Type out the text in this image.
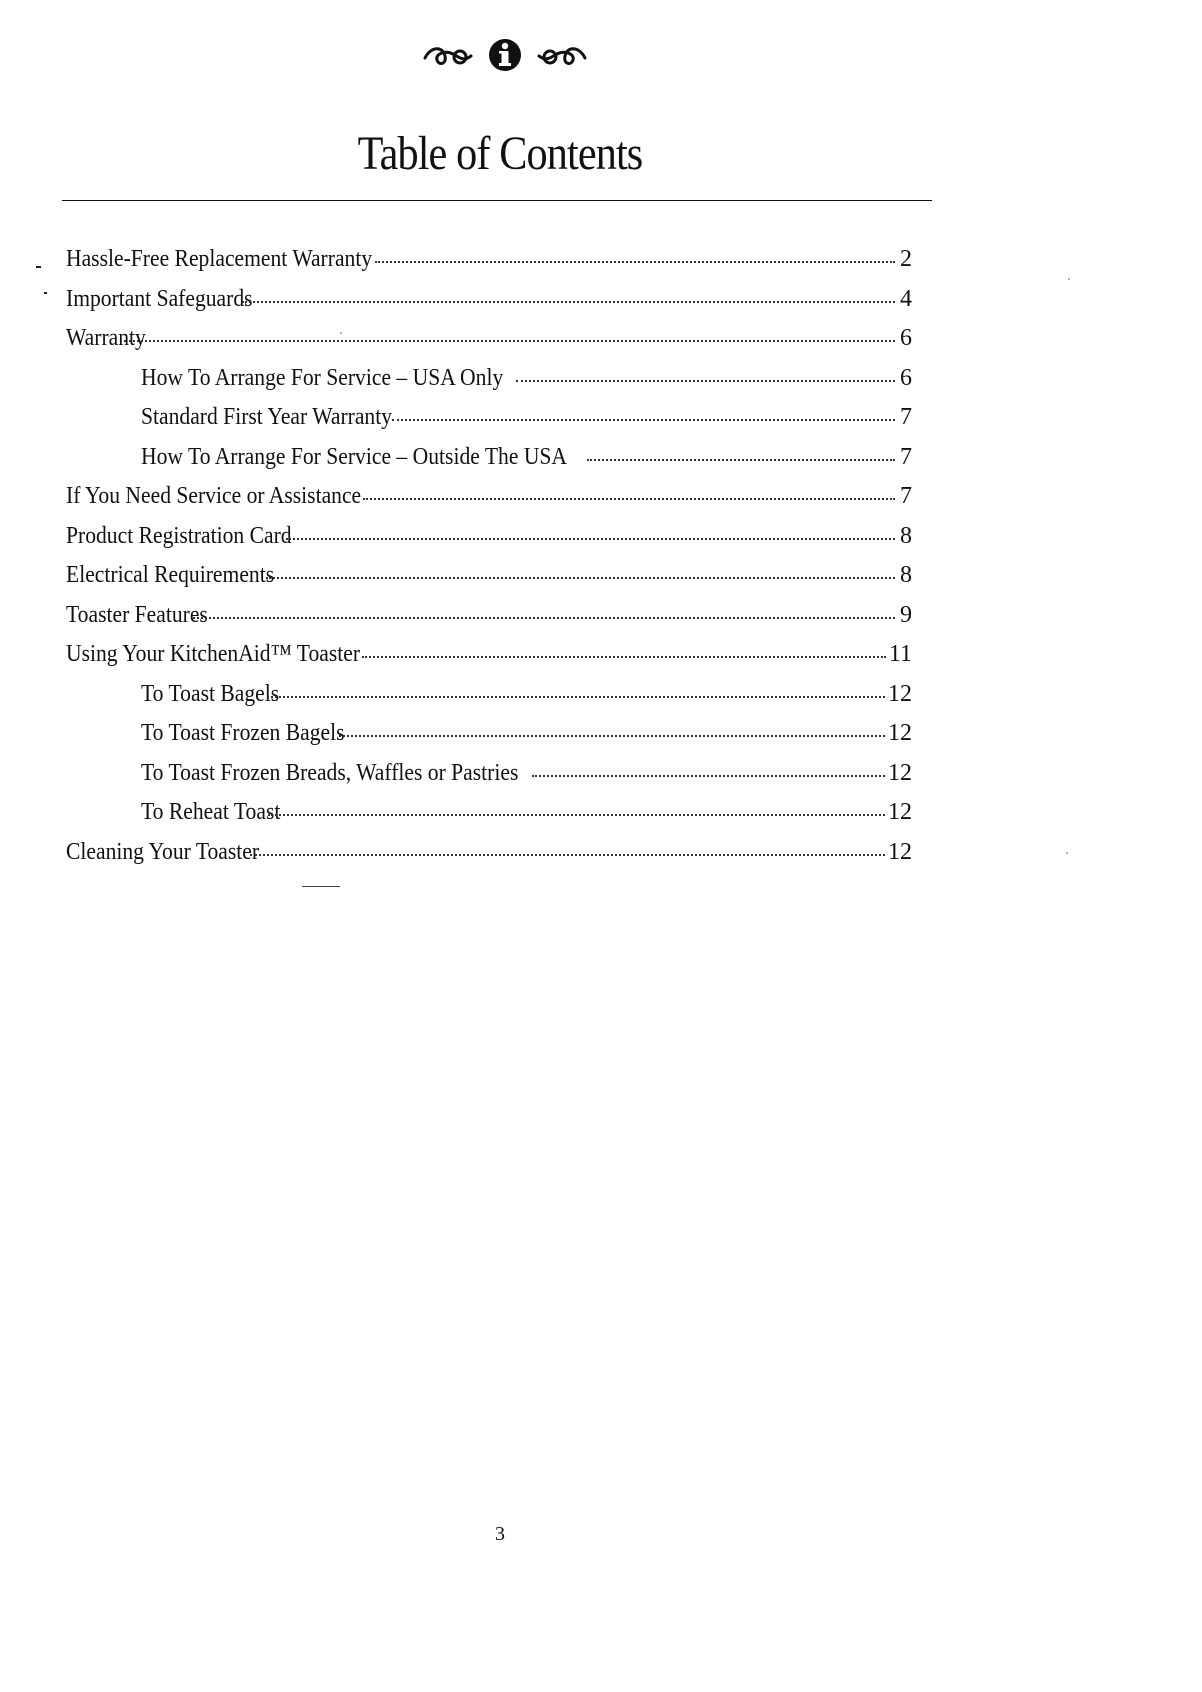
Table of Contents
Hassle-Free Replacement Warranty	2
Important Safeguards	4
Warranty	6
How To Arrange For Service – USA Only	6
Standard First Year Warranty	7
How To Arrange For Service – Outside The USA	7
If You Need Service or Assistance	7
Product Registration Card	8
Electrical Requirements	8
Toaster Features	9
Using Your KitchenAid™ Toaster	11
To Toast Bagels	12
To Toast Frozen Bagels	12
To Toast Frozen Breads, Waffles or Pastries	12
To Reheat Toast	12
Cleaning Your Toaster	12

3
